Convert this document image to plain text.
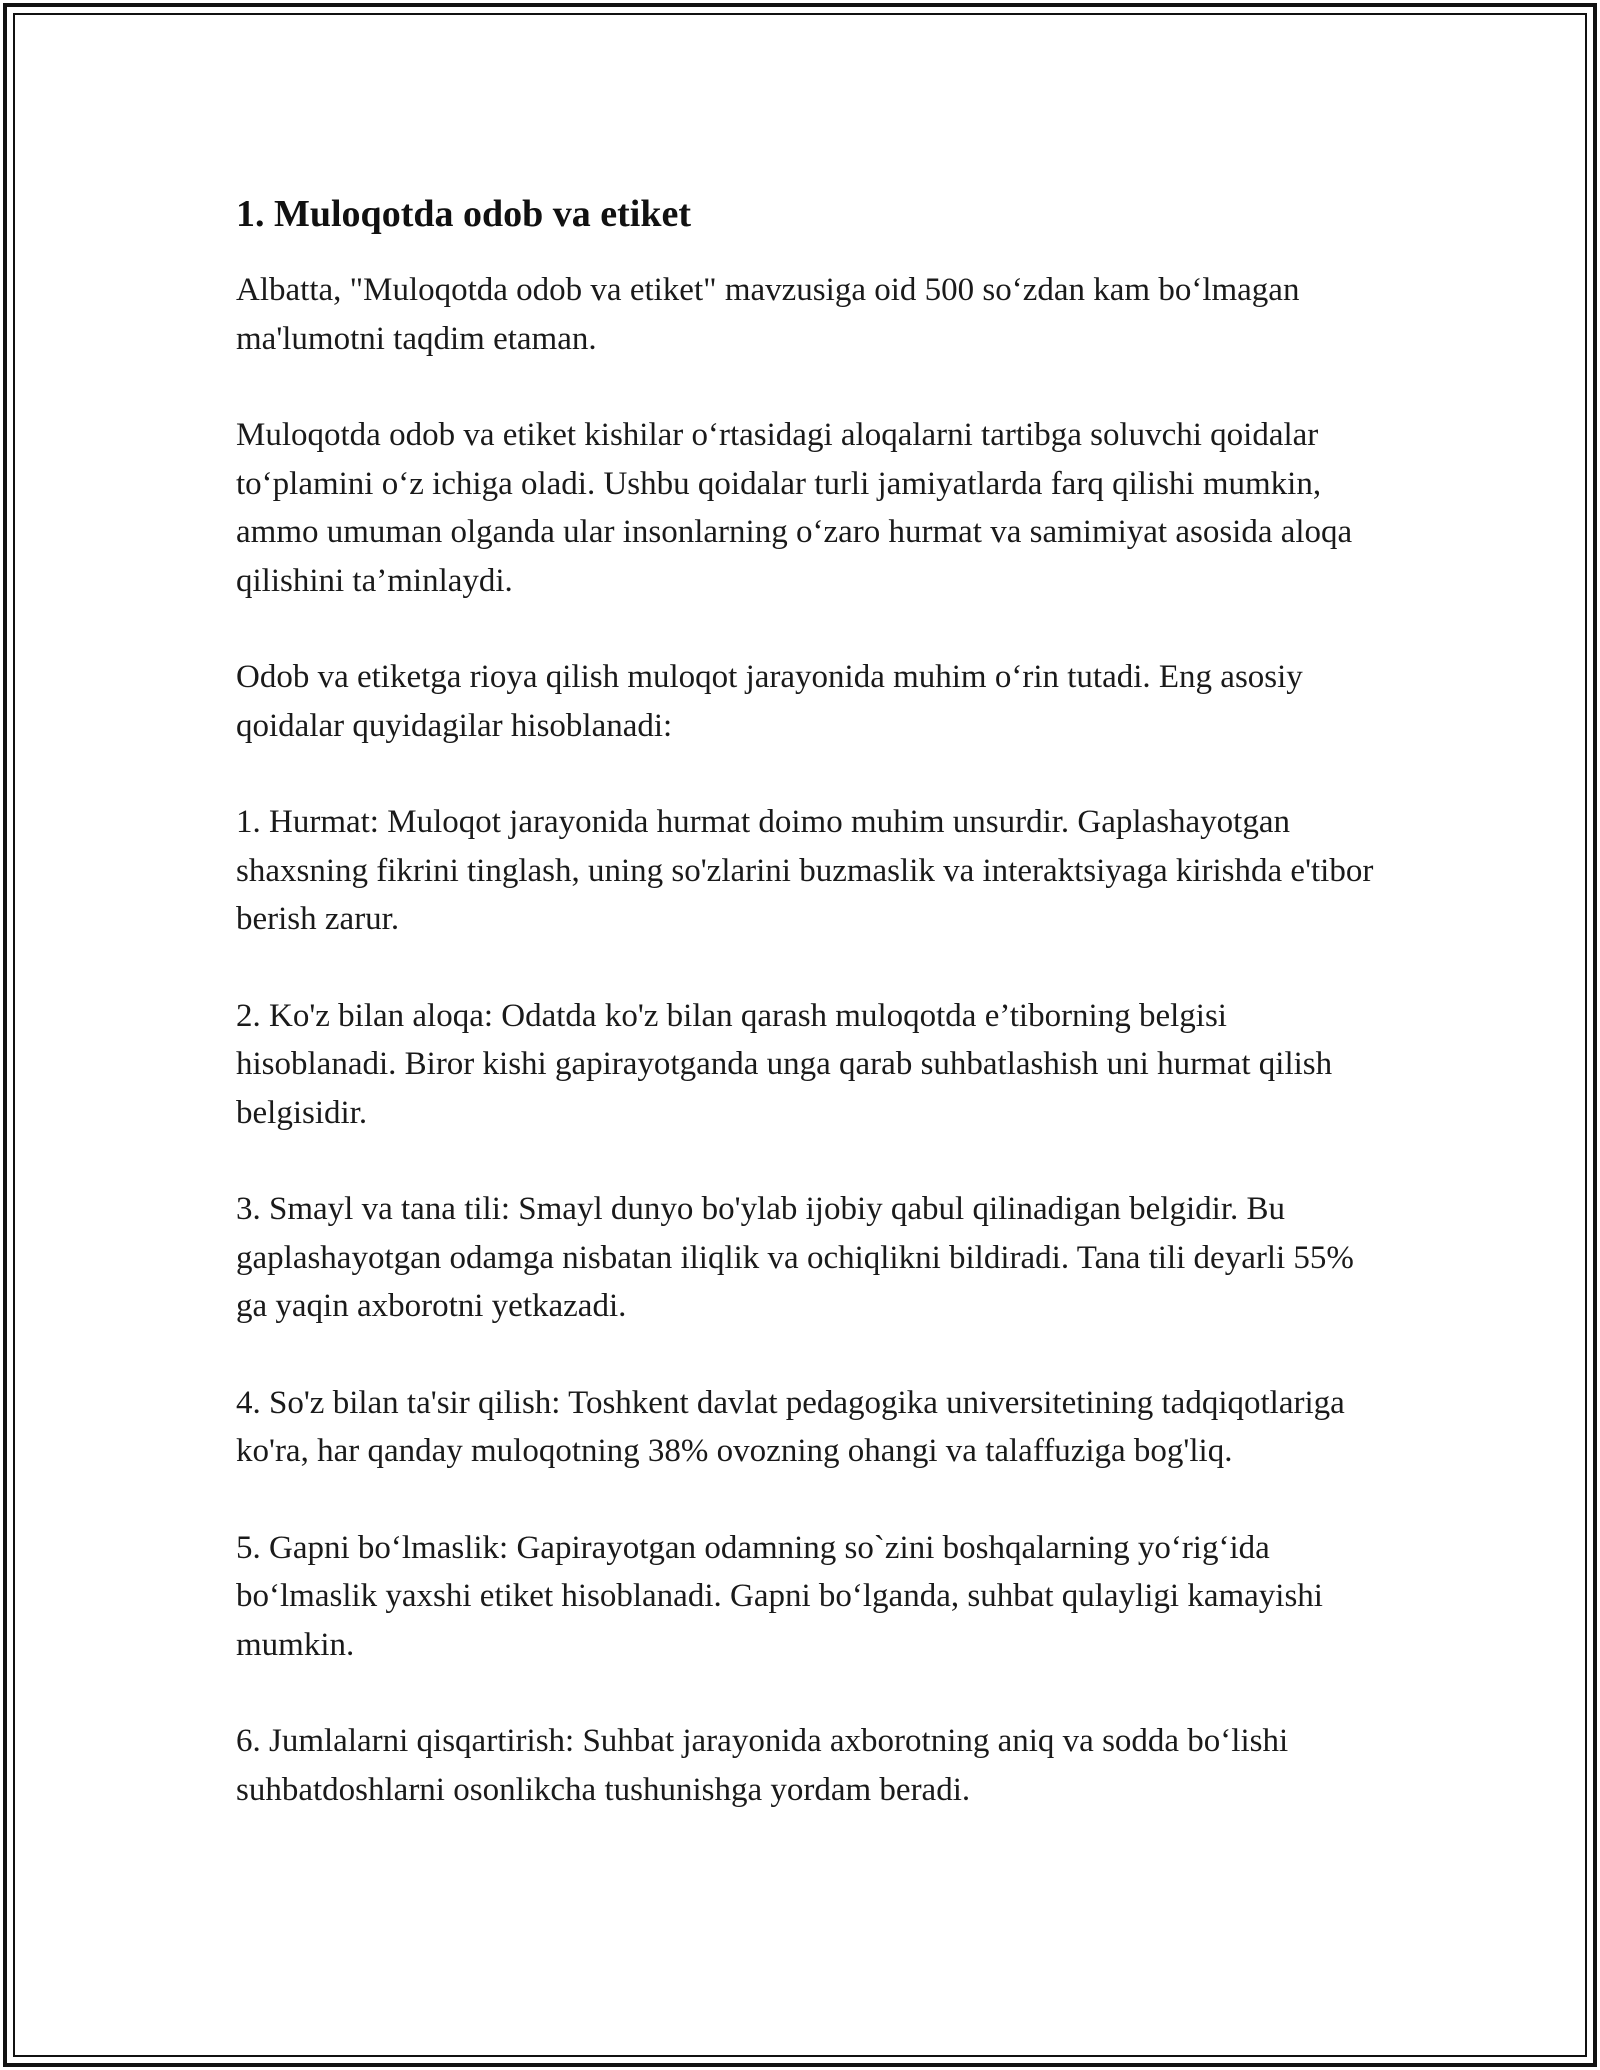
1. Muloqotda odob va etiket

Albatta, "Muloqotda odob va etiket" mavzusiga oid 500 so‘zdan kam bo‘lmagan ma'lumotni taqdim etaman.

Muloqotda odob va etiket kishilar o‘rtasidagi aloqalarni tartibga soluvchi qoidalar to‘plamini o‘z ichiga oladi. Ushbu qoidalar turli jamiyatlarda farq qilishi mumkin, ammo umuman olganda ular insonlarning o‘zaro hurmat va samimiyat asosida aloqa qilishini ta’minlaydi.

Odob va etiketga rioya qilish muloqot jarayonida muhim o‘rin tutadi. Eng asosiy qoidalar quyidagilar hisoblanadi:

1. Hurmat: Muloqot jarayonida hurmat doimo muhim unsurdir. Gaplashayotgan shaxsning fikrini tinglash, uning so'zlarini buzmaslik va interaktsiyaga kirishda e'tibor berish zarur.

2. Ko'z bilan aloqa: Odatda ko'z bilan qarash muloqotda e’tiborning belgisi hisoblanadi. Biror kishi gapirayotganda unga qarab suhbatlashish uni hurmat qilish belgisidir.

3. Smayl va tana tili: Smayl dunyo bo'ylab ijobiy qabul qilinadigan belgidir. Bu gaplashayotgan odamga nisbatan iliqlik va ochiqlikni bildiradi. Tana tili deyarli 55% ga yaqin axborotni yetkazadi.

4. So'z bilan ta'sir qilish: Toshkent davlat pedagogika universitetining tadqiqotlariga ko'ra, har qanday muloqotning 38% ovozning ohangi va talaffuziga bog'liq.

5. Gapni bo‘lmaslik: Gapirayotgan odamning so`zini boshqalarning yo‘rig‘ida bo‘lmaslik yaxshi etiket hisoblanadi. Gapni bo‘lganda, suhbat qulayligi kamayishi mumkin.

6. Jumlalarni qisqartirish: Suhbat jarayonida axborotning aniq va sodda bo‘lishi suhbatdoshlarni osonlikcha tushunishga yordam beradi.
